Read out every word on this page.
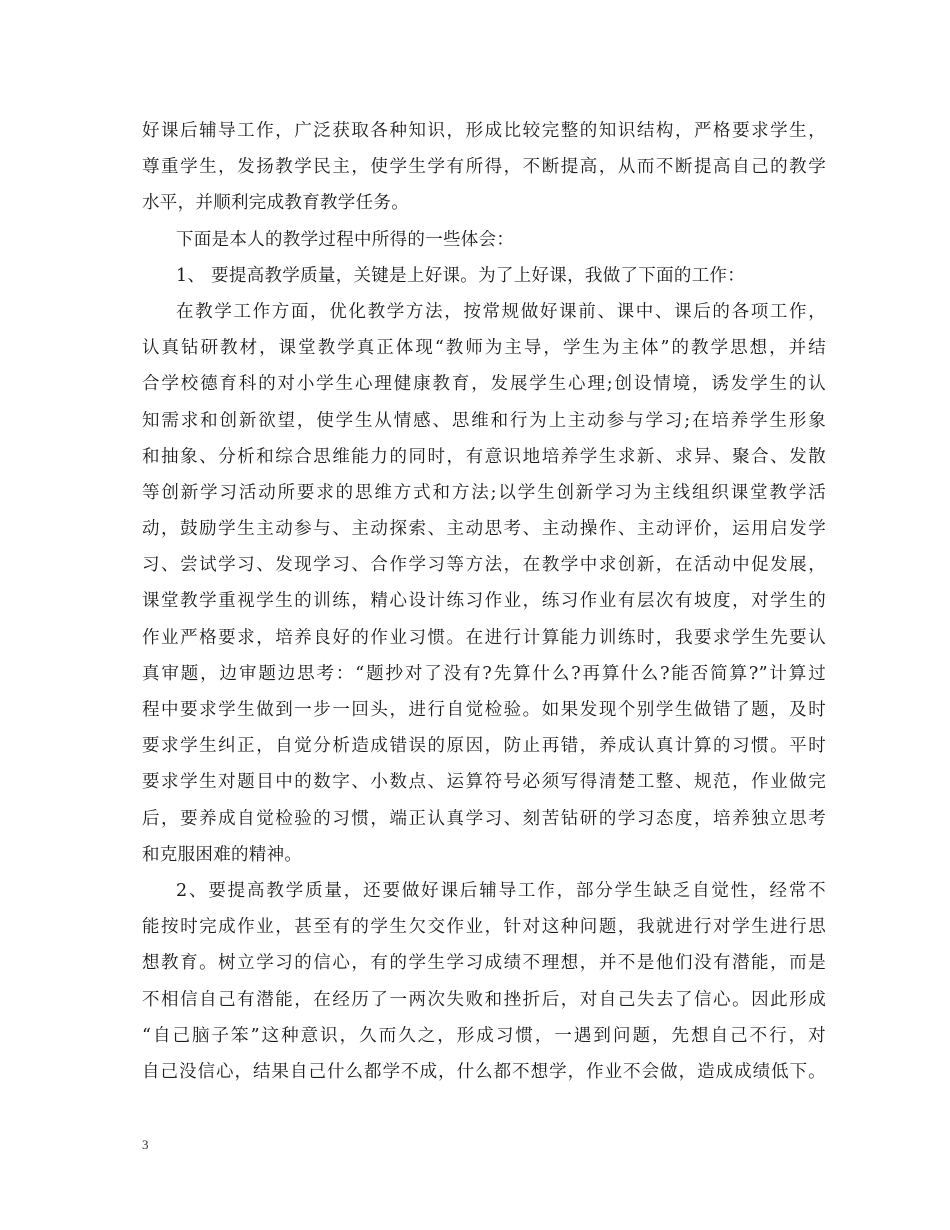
好课后辅导工作，广泛获取各种知识，形成比较完整的知识结构，严格要求学生，
尊重学生，发扬教学民主，使学生学有所得，不断提高，从而不断提高自己的教学
水平，并顺利完成教育教学任务。
下面是本人的教学过程中所得的一些体会：
1、 要提高教学质量，关键是上好课。为了上好课，我做了下面的工作：
在教学工作方面，优化教学方法，按常规做好课前、课中、课后的各项工作，
认真钻研教材，课堂教学真正体现“教师为主导，学生为主体”的教学思想，并结
合学校德育科的对小学生心理健康教育，发展学生心理;创设情境，诱发学生的认
知需求和创新欲望，使学生从情感、思维和行为上主动参与学习;在培养学生形象
和抽象、分析和综合思维能力的同时，有意识地培养学生求新、求异、聚合、发散
等创新学习活动所要求的思维方式和方法;以学生创新学习为主线组织课堂教学活
动，鼓励学生主动参与、主动探索、主动思考、主动操作、主动评价，运用启发学
习、尝试学习、发现学习、合作学习等方法，在教学中求创新，在活动中促发展，
课堂教学重视学生的训练，精心设计练习作业，练习作业有层次有坡度，对学生的
作业严格要求，培养良好的作业习惯。在进行计算能力训练时，我要求学生先要认
真审题，边审题边思考：“题抄对了没有?先算什么?再算什么?能否简算?”计算过
程中要求学生做到一步一回头，进行自觉检验。如果发现个别学生做错了题，及时
要求学生纠正，自觉分析造成错误的原因，防止再错，养成认真计算的习惯。平时
要求学生对题目中的数字、小数点、运算符号必须写得清楚工整、规范，作业做完
后，要养成自觉检验的习惯，端正认真学习、刻苦钻研的学习态度，培养独立思考
和克服困难的精神。
2、要提高教学质量，还要做好课后辅导工作，部分学生缺乏自觉性，经常不
能按时完成作业，甚至有的学生欠交作业，针对这种问题，我就进行对学生进行思
想教育。树立学习的信心，有的学生学习成绩不理想，并不是他们没有潜能，而是
不相信自己有潜能，在经历了一两次失败和挫折后，对自己失去了信心。因此形成
“自己脑子笨”这种意识，久而久之，形成习惯，一遇到问题，先想自己不行，对
自己没信心，结果自己什么都学不成，什么都不想学，作业不会做，造成成绩低下。
3
